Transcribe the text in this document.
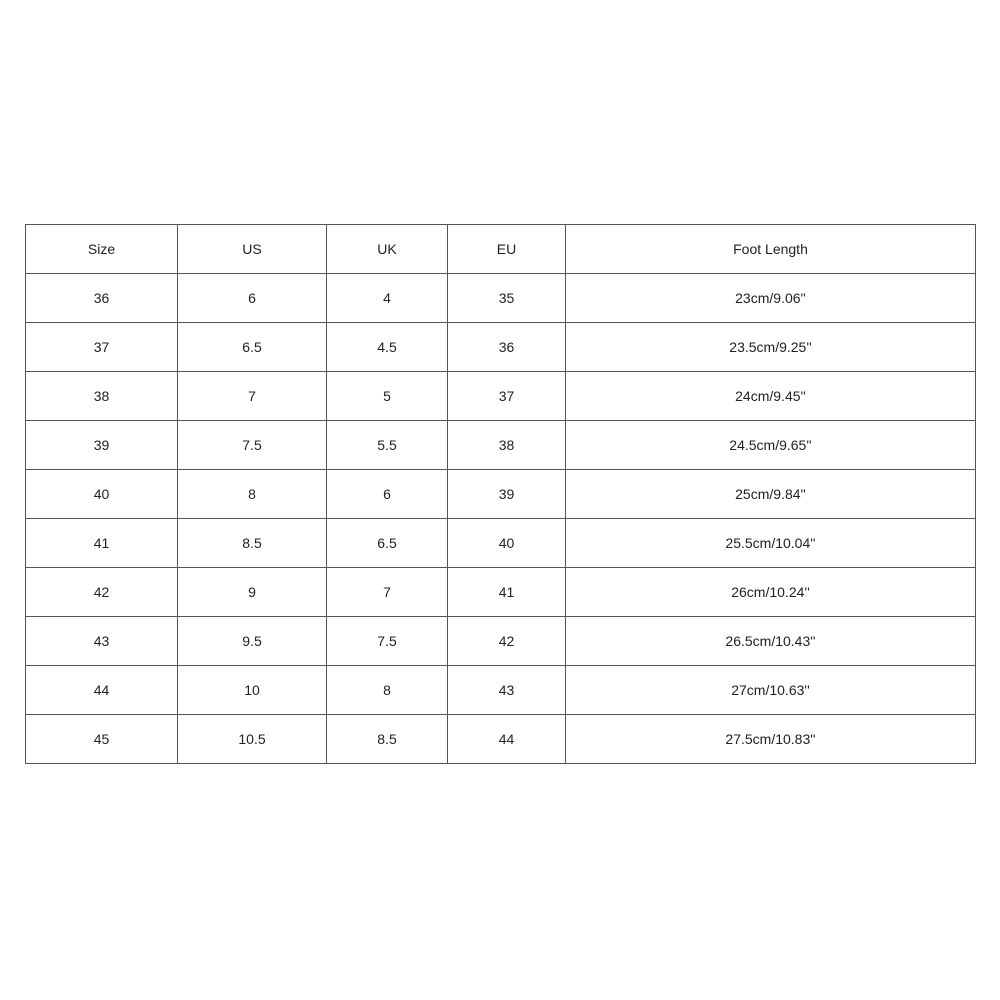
Size	US	UK	EU	Foot Length
36	6	4	35	23cm/9.06''
37	6.5	4.5	36	23.5cm/9.25''
38	7	5	37	24cm/9.45''
39	7.5	5.5	38	24.5cm/9.65''
40	8	6	39	25cm/9.84''
41	8.5	6.5	40	25.5cm/10.04''
42	9	7	41	26cm/10.24''
43	9.5	7.5	42	26.5cm/10.43''
44	10	8	43	27cm/10.63''
45	10.5	8.5	44	27.5cm/10.83''
